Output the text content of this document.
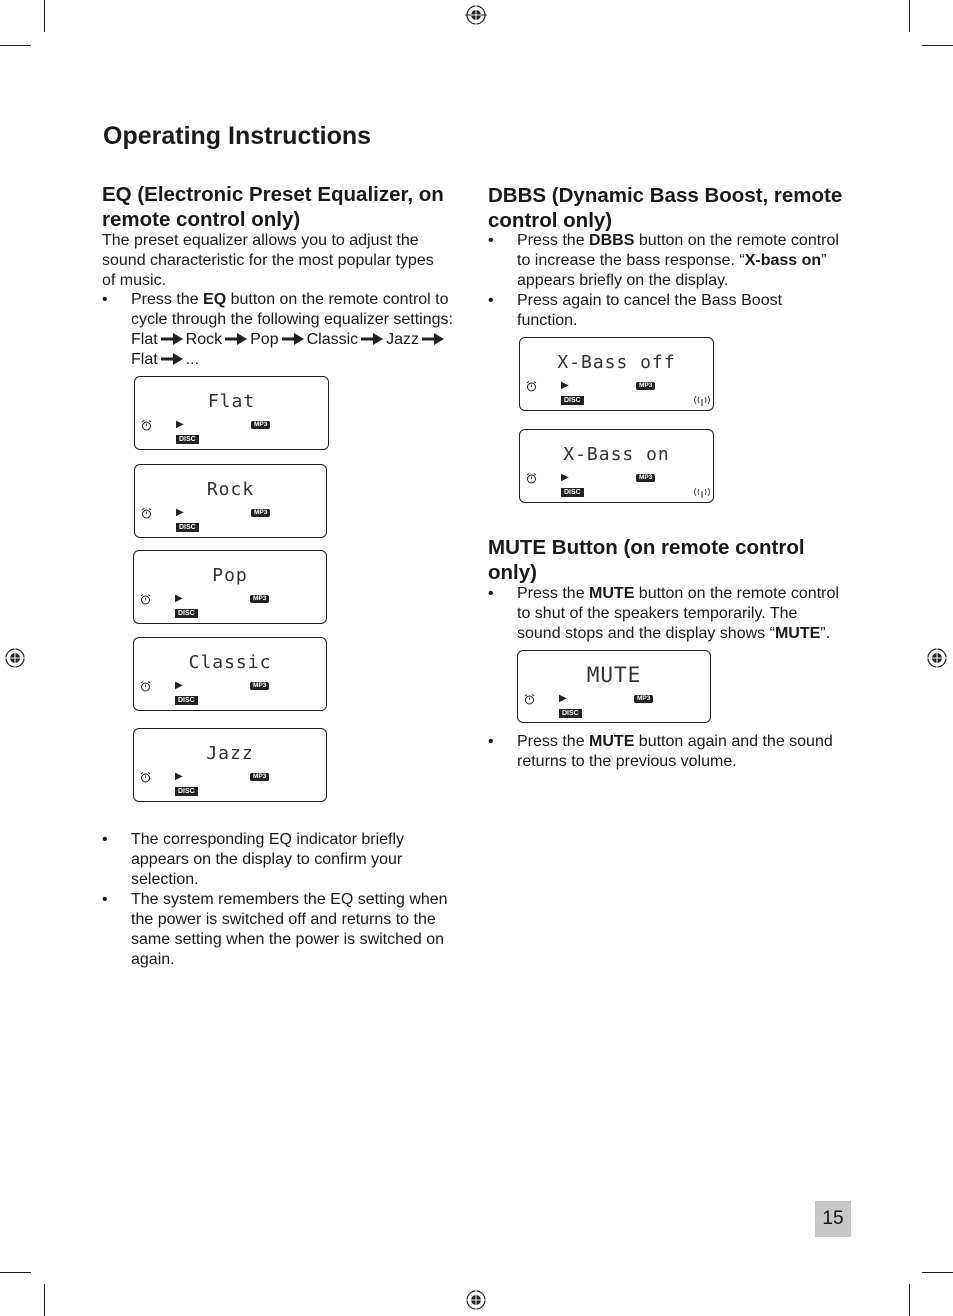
Operating Instructions
EQ (Electronic Preset Equalizer, on
remote control only)
The preset equalizer allows you to adjust the
sound characteristic for the most popular types
of music.
• Press the EQ button on the remote control to
cycle through the following equalizer settings:
Flat Rock Pop Classic Jazz
Flat ...
Flat
▶	MP3
DISC
Rock
▶	MP3
DISC
Pop
▶	MP3
DISC
Classic
▶	MP3
DISC
Jazz
▶	MP3
DISC
• The corresponding EQ indicator briefly
appears on the display to confirm your
selection.
• The system remembers the EQ setting when
the power is switched off and returns to the
same setting when the power is switched on
again.
DBBS (Dynamic Bass Boost, remote
control only)
• Press the DBBS button on the remote control
to increase the bass response. “X-bass on”
appears briefly on the display.
• Press again to cancel the Bass Boost
function.
X-Bass off
▶	MP3
DISC
X-Bass on
▶	MP3
DISC
MUTE Button (on remote control
only)
• Press the MUTE button on the remote control
to shut of the speakers temporarily. The
sound stops and the display shows “MUTE”.
MUTE
▶	MP3
DISC
• Press the MUTE button again and the sound
returns to the previous volume.
15
